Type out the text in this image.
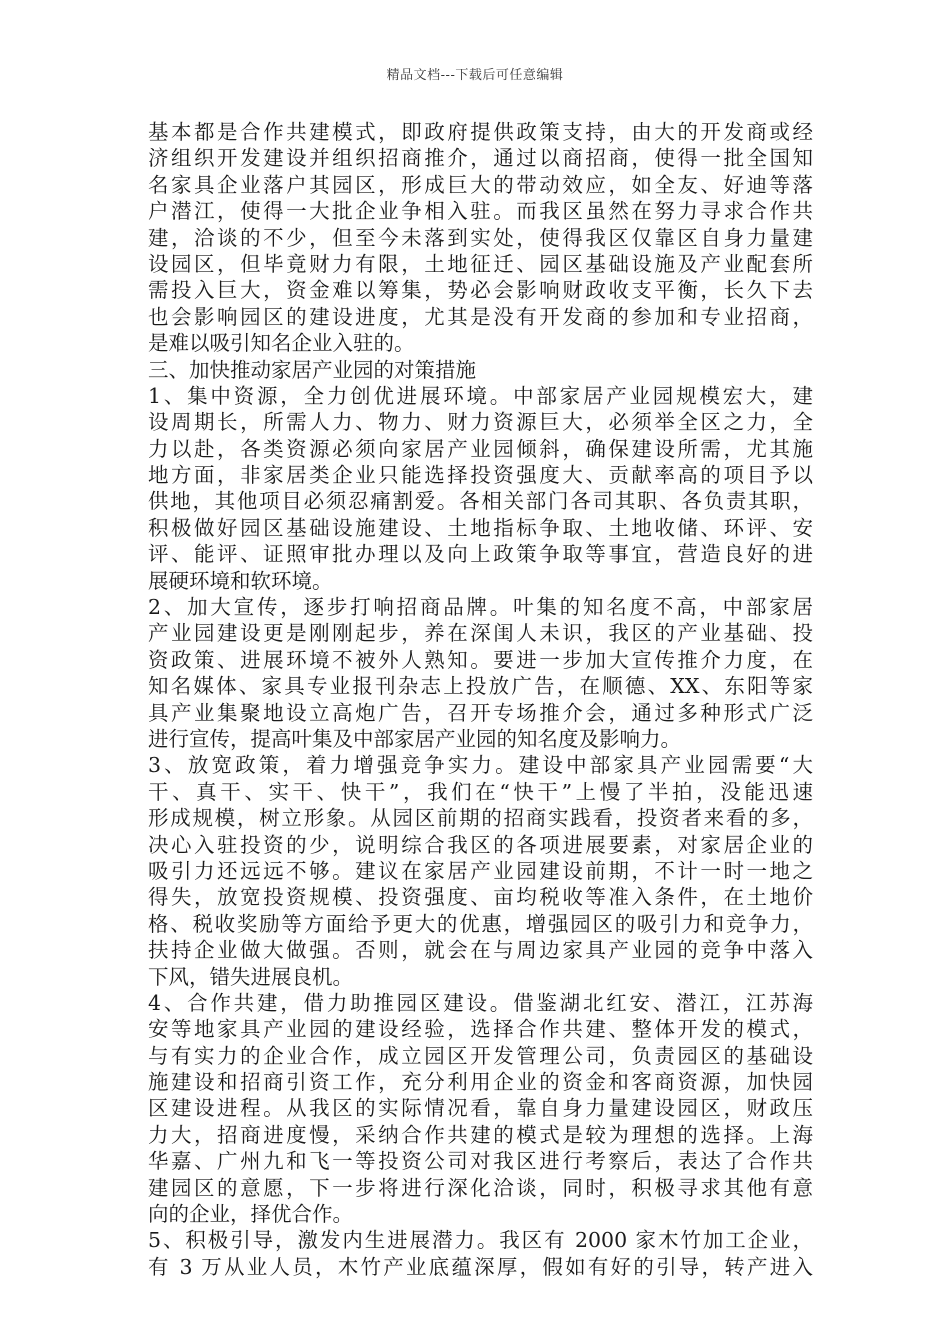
精品文档---下载后可任意编辑
基本都是合作共建模式，即政府提供政策支持，由大的开发商或经
济组织开发建设并组织招商推介，通过以商招商，使得一批全国知
名家具企业落户其园区，形成巨大的带动效应，如全友、好迪等落
户潜江，使得一大批企业争相入驻。而我区虽然在努力寻求合作共
建，洽谈的不少，但至今未落到实处，使得我区仅靠区自身力量建
设园区，但毕竟财力有限，土地征迁、园区基础设施及产业配套所
需投入巨大，资金难以筹集，势必会影响财政收支平衡，长久下去
也会影响园区的建设进度，尤其是没有开发商的参加和专业招商，
是难以吸引知名企业入驻的。
三、加快推动家居产业园的对策措施
1、集中资源，全力创优进展环境。中部家居产业园规模宏大，建
设周期长，所需人力、物力、财力资源巨大，必须举全区之力，全
力以赴，各类资源必须向家居产业园倾斜，确保建设所需，尤其施
地方面，非家居类企业只能选择投资强度大、贡献率高的项目予以
供地，其他项目必须忍痛割爱。各相关部门各司其职、各负责其职，
积极做好园区基础设施建设、土地指标争取、土地收储、环评、安
评、能评、证照审批办理以及向上政策争取等事宜，营造良好的进
展硬环境和软环境。
2、加大宣传，逐步打响招商品牌。叶集的知名度不高，中部家居
产业园建设更是刚刚起步，养在深闺人未识，我区的产业基础、投
资政策、进展环境不被外人熟知。要进一步加大宣传推介力度，在
知名媒体、家具专业报刊杂志上投放广告，在顺德、XX、东阳等家
具产业集聚地设立高炮广告，召开专场推介会，通过多种形式广泛
进行宣传，提高叶集及中部家居产业园的知名度及影响力。
3、放宽政策，着力增强竞争实力。建设中部家具产业园需要“大
干、真干、实干、快干”，我们在“快干”上慢了半拍，没能迅速
形成规模，树立形象。从园区前期的招商实践看，投资者来看的多，
决心入驻投资的少，说明综合我区的各项进展要素，对家居企业的
吸引力还远远不够。建议在家居产业园建设前期，不计一时一地之
得失，放宽投资规模、投资强度、亩均税收等准入条件，在土地价
格、税收奖励等方面给予更大的优惠，增强园区的吸引力和竞争力，
扶持企业做大做强。否则，就会在与周边家具产业园的竞争中落入
下风，错失进展良机。
4、合作共建，借力助推园区建设。借鉴湖北红安、潜江，江苏海
安等地家具产业园的建设经验，选择合作共建、整体开发的模式，
与有实力的企业合作，成立园区开发管理公司，负责园区的基础设
施建设和招商引资工作，充分利用企业的资金和客商资源，加快园
区建设进程。从我区的实际情况看，靠自身力量建设园区，财政压
力大，招商进度慢，采纳合作共建的模式是较为理想的选择。上海
华嘉、广州九和飞一等投资公司对我区进行考察后，表达了合作共
建园区的意愿，下一步将进行深化洽谈，同时，积极寻求其他有意
向的企业，择优合作。
5、积极引导，激发内生进展潜力。我区有 2000 家木竹加工企业，
有 3 万从业人员，木竹产业底蕴深厚，假如有好的引导，转产进入
